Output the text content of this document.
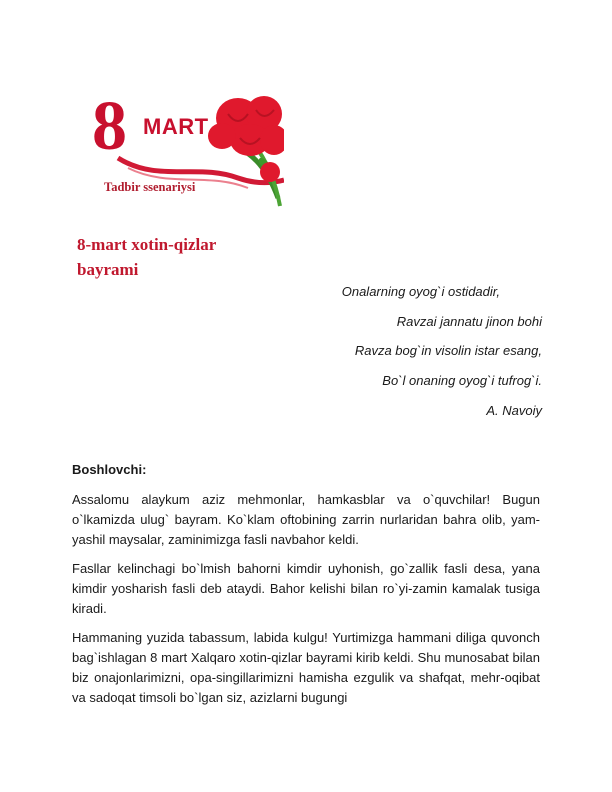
8 MART
Tadbir ssenariysi
8-mart xotin-qizlar
bayrami
Onalarning oyog`i ostidadir,
Ravzai jannatu jinon bohi
Ravza bog`in visolin istar esang,
Bo`l onaning oyog`i tufrog`i.
A. Navoiy
Boshlovchi:
Assalomu alaykum aziz mehmonlar, hamkasblar va o`quvchilar! Bugun o`lkamizda ulug` bayram. Ko`klam oftobining zarrin nurlaridan bahra olib, yam-yashil maysalar, zaminimizga fasli navbahor keldi.
Fasllar kelinchagi bo`lmish bahorni kimdir uyhonish, go`zallik fasli desa, yana kimdir yosharish fasli deb ataydi. Bahor kelishi bilan ro`yi-zamin kamalak tusiga kiradi.
Hammaning yuzida tabassum, labida kulgu! Yurtimizga hammani diliga quvonch bag`ishlagan 8 mart Xalqaro xotin-qizlar bayrami kirib keldi. Shu munosabat bilan biz onajonlarimizni, opa-singillarimizni hamisha ezgulik va shafqat, mehr-oqibat va sadoqat timsoli bo`lgan siz, azizlarni bugungi
